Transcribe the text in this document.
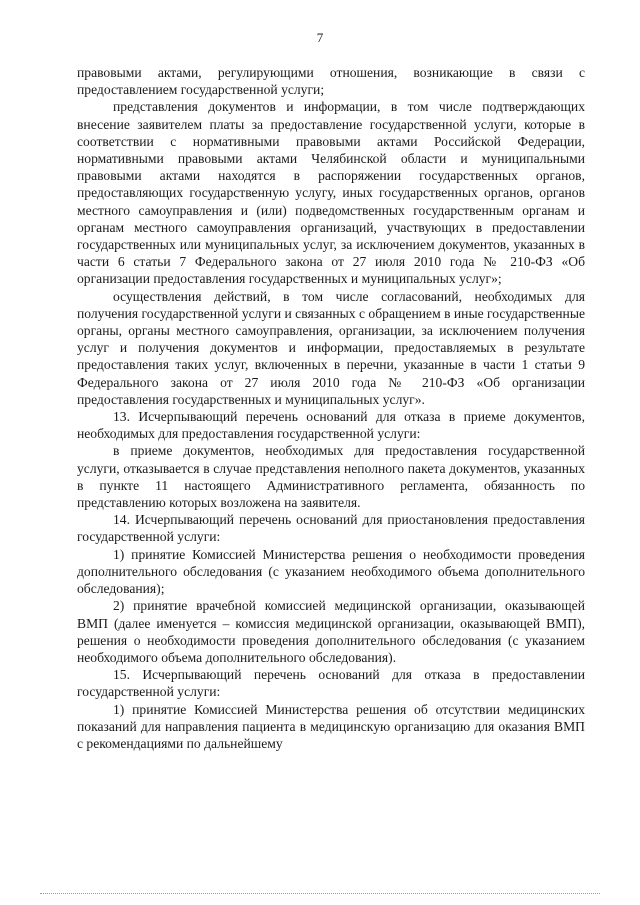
7

правовыми актами, регулирующими отношения, возникающие в связи с предоставлением государственной услуги;

представления документов и информации, в том числе подтверждающих внесение заявителем платы за предоставление государственной услуги, которые в соответствии с нормативными правовыми актами Российской Федерации, нормативными правовыми актами Челябинской области и муниципальными правовыми актами находятся в распоряжении государственных органов, предоставляющих государственную услугу, иных государственных органов, органов местного самоуправления и (или) подведомственных государственным органам и органам местного самоуправления организаций, участвующих в предоставлении государственных или муниципальных услуг, за исключением документов, указанных в части 6 статьи 7 Федерального закона от 27 июля 2010 года № 210-ФЗ «Об организации предоставления государственных и муниципальных услуг»;

осуществления действий, в том числе согласований, необходимых для получения государственной услуги и связанных с обращением в иные государственные органы, органы местного самоуправления, организации, за исключением получения услуг и получения документов и информации, предоставляемых в результате предоставления таких услуг, включенных в перечни, указанные в части 1 статьи 9 Федерального закона от 27 июля 2010 года № 210-ФЗ «Об организации предоставления государственных и муниципальных услуг».

13. Исчерпывающий перечень оснований для отказа в приеме документов, необходимых для предоставления государственной услуги:

в приеме документов, необходимых для предоставления государственной услуги, отказывается в случае представления неполного пакета документов, указанных в пункте 11 настоящего Административного регламента, обязанность по представлению которых возложена на заявителя.

14. Исчерпывающий перечень оснований для приостановления предоставления государственной услуги:

1) принятие Комиссией Министерства решения о необходимости проведения дополнительного обследования (с указанием необходимого объема дополнительного обследования);

2) принятие врачебной комиссией медицинской организации, оказывающей ВМП (далее именуется – комиссия медицинской организации, оказывающей ВМП), решения о необходимости проведения дополнительного обследования (с указанием необходимого объема дополнительного обследования).

15. Исчерпывающий перечень оснований для отказа в предоставлении государственной услуги:

1) принятие Комиссией Министерства решения об отсутствии медицинских показаний для направления пациента в медицинскую организацию для оказания ВМП с рекомендациями по дальнейшему
